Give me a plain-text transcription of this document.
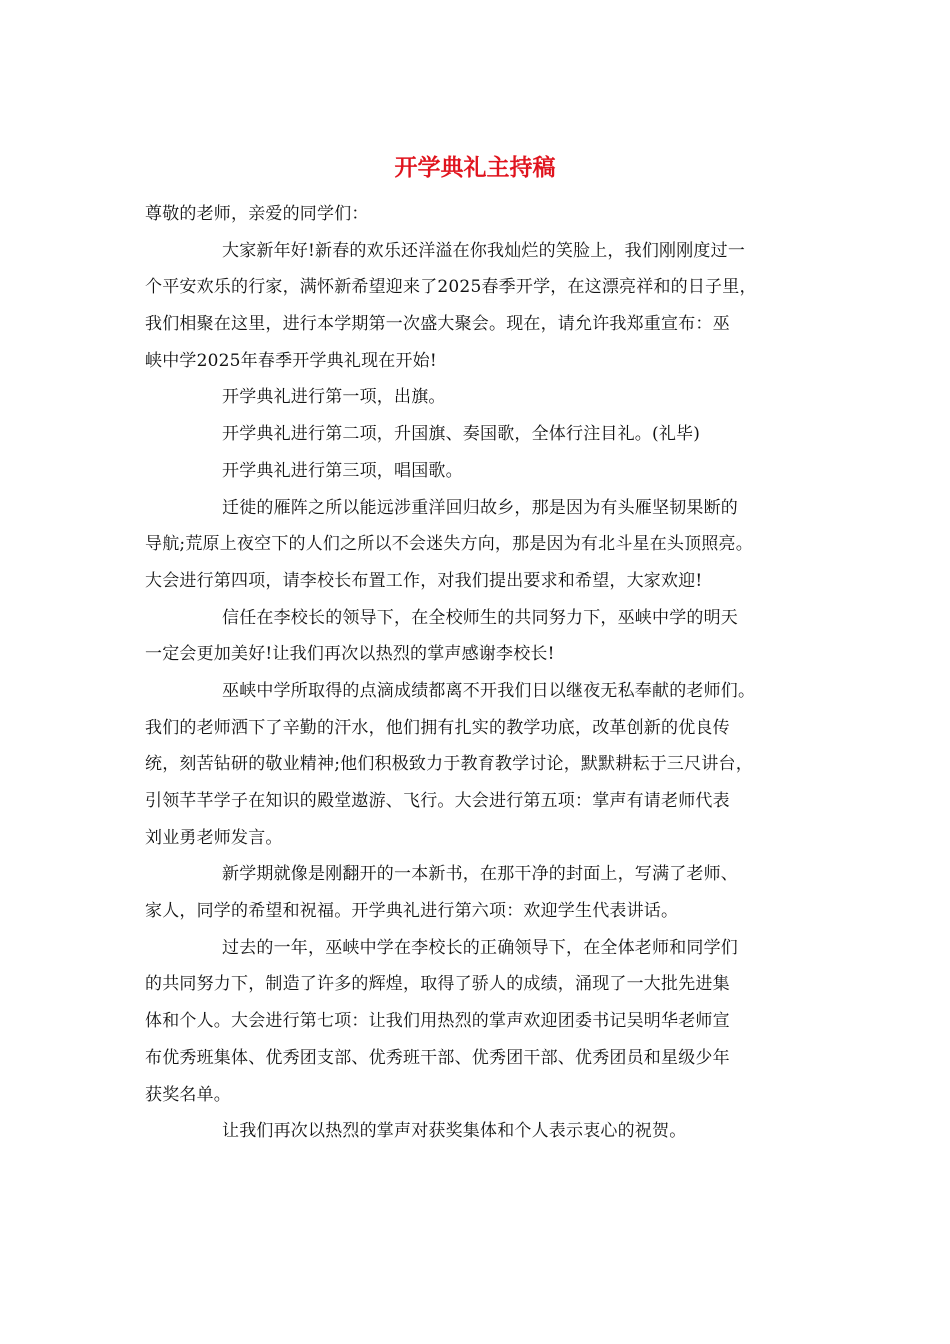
开学典礼主持稿
尊敬的老师，亲爱的同学们：
大家新年好!新春的欢乐还洋溢在你我灿烂的笑脸上，我们刚刚度过一
个平安欢乐的行家，满怀新希望迎来了2025春季开学，在这漂亮祥和的日子里，
我们相聚在这里，进行本学期第一次盛大聚会。现在，请允许我郑重宣布：巫
峡中学2025年春季开学典礼现在开始!
开学典礼进行第一项，出旗。
开学典礼进行第二项，升国旗、奏国歌，全体行注目礼。(礼毕)
开学典礼进行第三项，唱国歌。
迁徙的雁阵之所以能远涉重洋回归故乡，那是因为有头雁坚韧果断的
导航;荒原上夜空下的人们之所以不会迷失方向，那是因为有北斗星在头顶照亮。
大会进行第四项，请李校长布置工作，对我们提出要求和希望，大家欢迎!
信任在李校长的领导下，在全校师生的共同努力下，巫峡中学的明天
一定会更加美好!让我们再次以热烈的掌声感谢李校长!
巫峡中学所取得的点滴成绩都离不开我们日以继夜无私奉献的老师们。
我们的老师洒下了辛勤的汗水，他们拥有扎实的教学功底，改革创新的优良传
统，刻苦钻研的敬业精神;他们积极致力于教育教学讨论，默默耕耘于三尺讲台，
引领芊芊学子在知识的殿堂遨游、飞行。大会进行第五项：掌声有请老师代表
刘业勇老师发言。
新学期就像是刚翻开的一本新书，在那干净的封面上，写满了老师、
家人，同学的希望和祝福。开学典礼进行第六项：欢迎学生代表讲话。
过去的一年，巫峡中学在李校长的正确领导下，在全体老师和同学们
的共同努力下，制造了许多的辉煌，取得了骄人的成绩，涌现了一大批先进集
体和个人。大会进行第七项：让我们用热烈的掌声欢迎团委书记吴明华老师宣
布优秀班集体、优秀团支部、优秀班干部、优秀团干部、优秀团员和星级少年
获奖名单。
让我们再次以热烈的掌声对获奖集体和个人表示衷心的祝贺。
